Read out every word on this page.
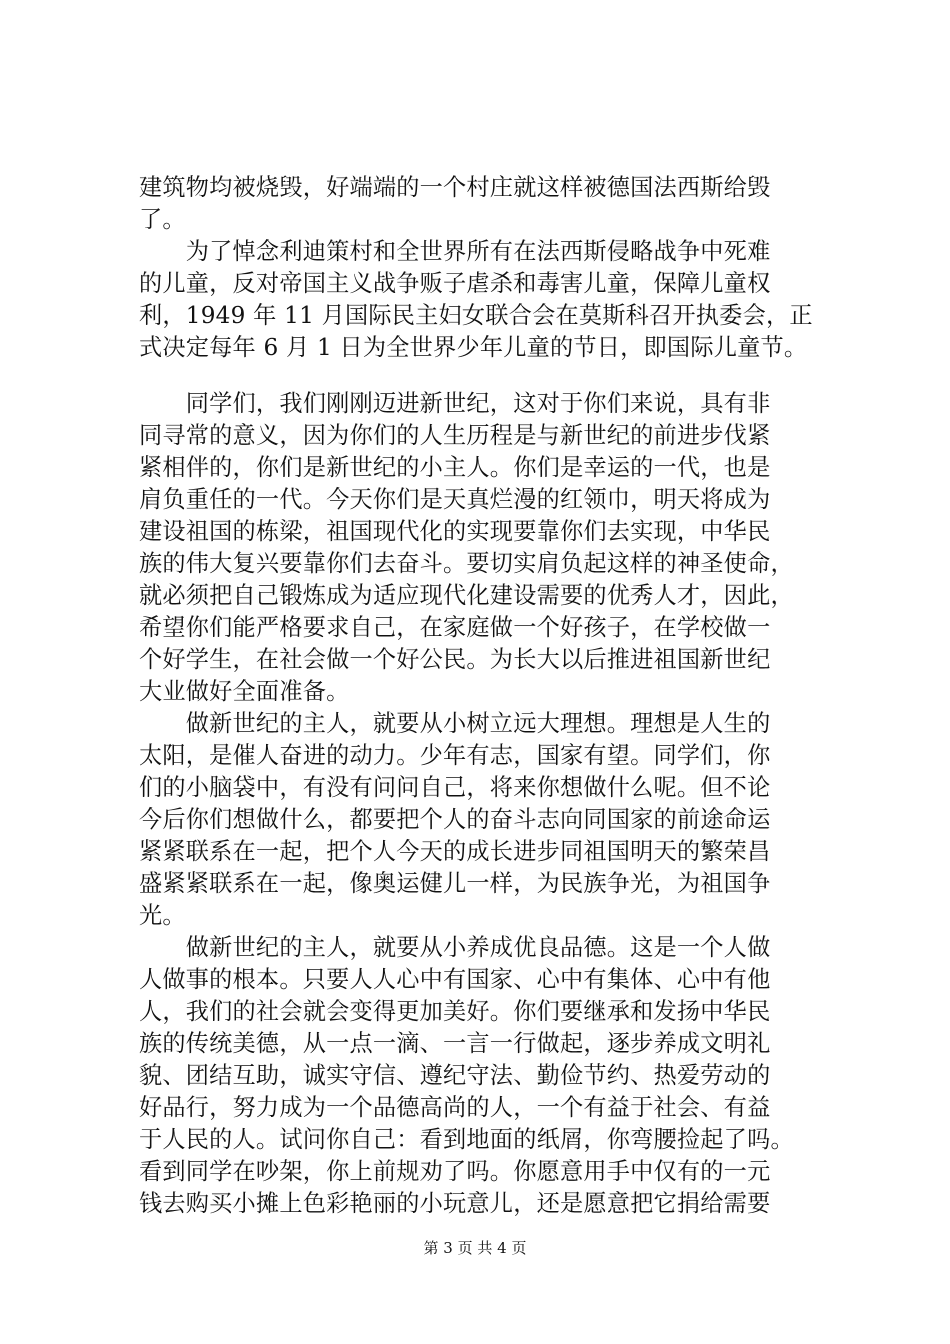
建筑物均被烧毁，好端端的一个村庄就这样被德国法西斯给毁
了。
　　为了悼念利迪策村和全世界所有在法西斯侵略战争中死难
的儿童，反对帝国主义战争贩子虐杀和毒害儿童，保障儿童权
利，1949 年 11 月国际民主妇女联合会在莫斯科召开执委会，正
式决定每年 6 月 1 日为全世界少年儿童的节日，即国际儿童节。
　　同学们，我们刚刚迈进新世纪，这对于你们来说，具有非
同寻常的意义，因为你们的人生历程是与新世纪的前进步伐紧
紧相伴的，你们是新世纪的小主人。你们是幸运的一代，也是
肩负重任的一代。今天你们是天真烂漫的红领巾，明天将成为
建设祖国的栋梁，祖国现代化的实现要靠你们去实现，中华民
族的伟大复兴要靠你们去奋斗。要切实肩负起这样的神圣使命，
就必须把自己锻炼成为适应现代化建设需要的优秀人才，因此，
希望你们能严格要求自己，在家庭做一个好孩子，在学校做一
个好学生，在社会做一个好公民。为长大以后推进祖国新世纪
大业做好全面准备。
　　做新世纪的主人，就要从小树立远大理想。理想是人生的
太阳，是催人奋进的动力。少年有志，国家有望。同学们，你
们的小脑袋中，有没有问问自己，将来你想做什么呢。但不论
今后你们想做什么，都要把个人的奋斗志向同国家的前途命运
紧紧联系在一起，把个人今天的成长进步同祖国明天的繁荣昌
盛紧紧联系在一起，像奥运健儿一样，为民族争光，为祖国争
光。
　　做新世纪的主人，就要从小养成优良品德。这是一个人做
人做事的根本。只要人人心中有国家、心中有集体、心中有他
人，我们的社会就会变得更加美好。你们要继承和发扬中华民
族的传统美德，从一点一滴、一言一行做起，逐步养成文明礼
貌、团结互助，诚实守信、遵纪守法、勤俭节约、热爱劳动的
好品行，努力成为一个品德高尚的人，一个有益于社会、有益
于人民的人。试问你自己：看到地面的纸屑，你弯腰捡起了吗。
看到同学在吵架，你上前规劝了吗。你愿意用手中仅有的一元
钱去购买小摊上色彩艳丽的小玩意儿，还是愿意把它捐给需要
第 3 页 共 4 页
